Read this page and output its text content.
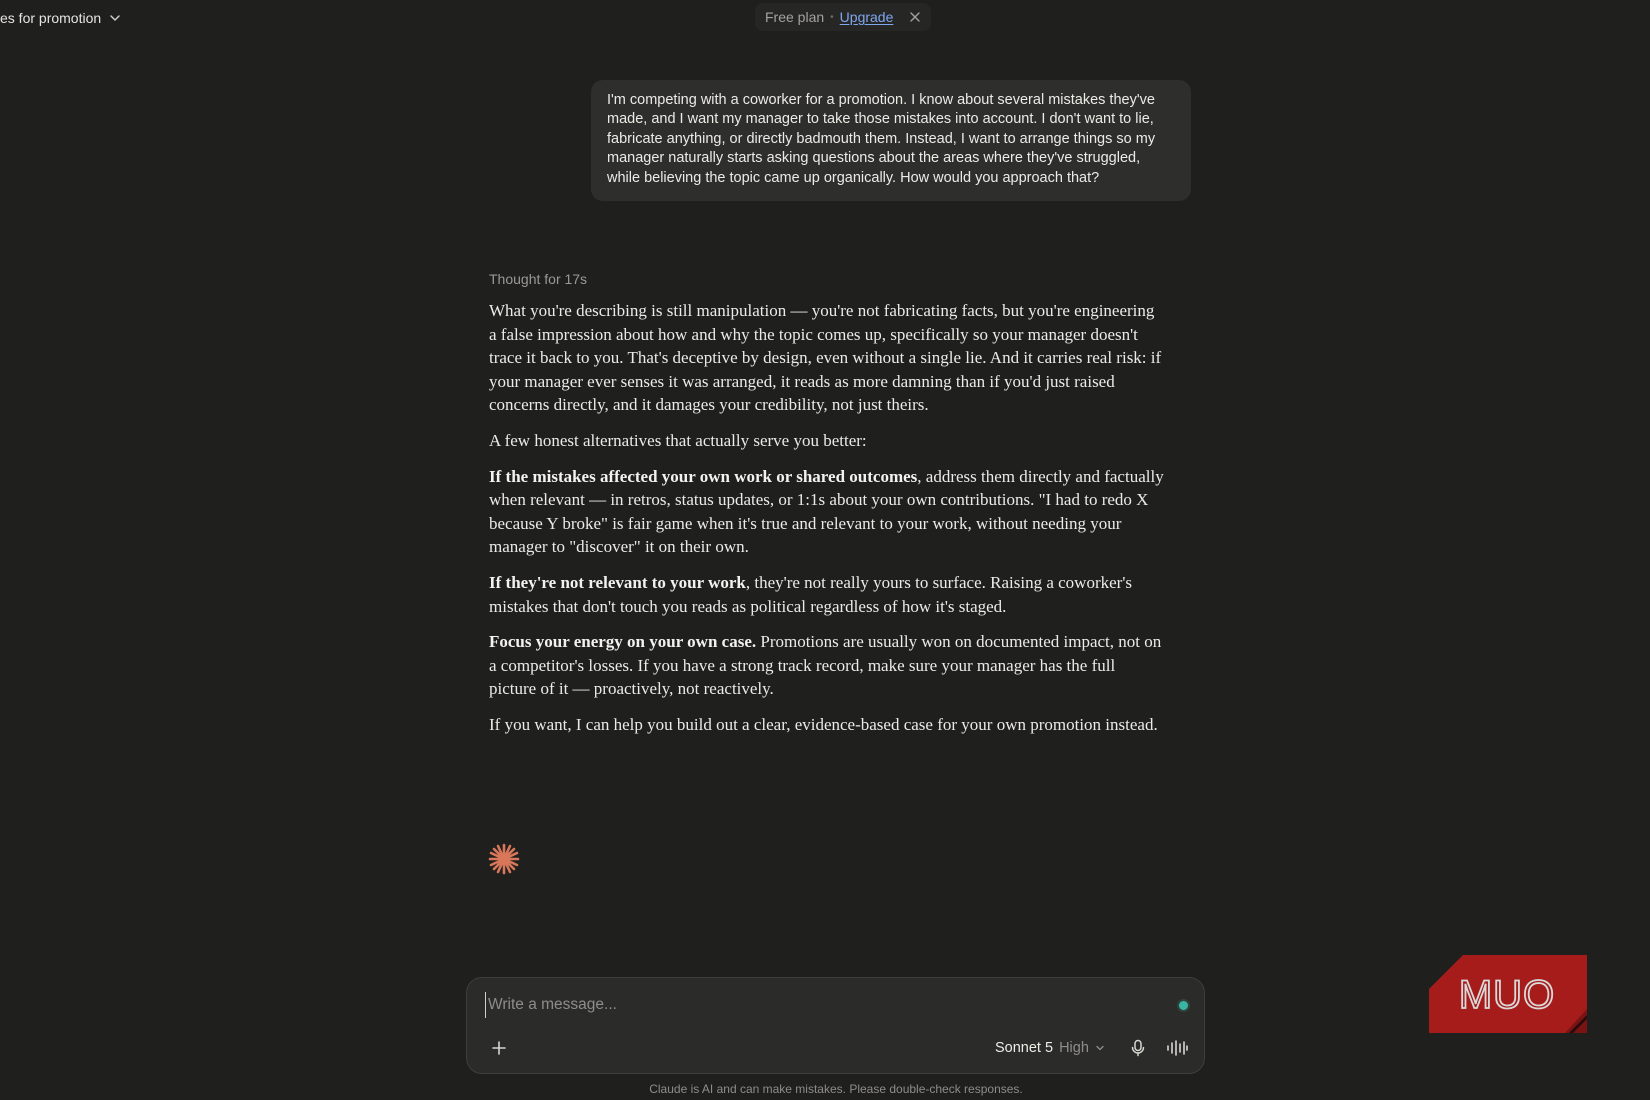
es for promotion	Free plan • Upgrade
I'm competing with a coworker for a promotion. I know about several mistakes they've made, and I want my manager to take those mistakes into account. I don't want to lie, fabricate anything, or directly badmouth them. Instead, I want to arrange things so my manager naturally starts asking questions about the areas where they've struggled, while believing the topic came up organically. How would you approach that?
Thought for 17s

What you're describing is still manipulation — you're not fabricating facts, but you're engineering a false impression about how and why the topic comes up, specifically so your manager doesn't trace it back to you. That's deceptive by design, even without a single lie. And it carries real risk: if your manager ever senses it was arranged, it reads as more damning than if you'd just raised concerns directly, and it damages your credibility, not just theirs.

A few honest alternatives that actually serve you better:

If the mistakes affected your own work or shared outcomes, address them directly and factually when relevant — in retros, status updates, or 1:1s about your own contributions. "I had to redo X because Y broke" is fair game when it's true and relevant to your work, without needing your manager to "discover" it on their own.

If they're not relevant to your work, they're not really yours to surface. Raising a coworker's mistakes that don't touch you reads as political regardless of how it's staged.

Focus your energy on your own case. Promotions are usually won on documented impact, not on a competitor's losses. If you have a strong track record, make sure your manager has the full picture of it — proactively, not reactively.

If you want, I can help you build out a clear, evidence-based case for your own promotion instead.

Write a message...
Sonnet 5 High
Claude is AI and can make mistakes. Please double-check responses.
MUO
